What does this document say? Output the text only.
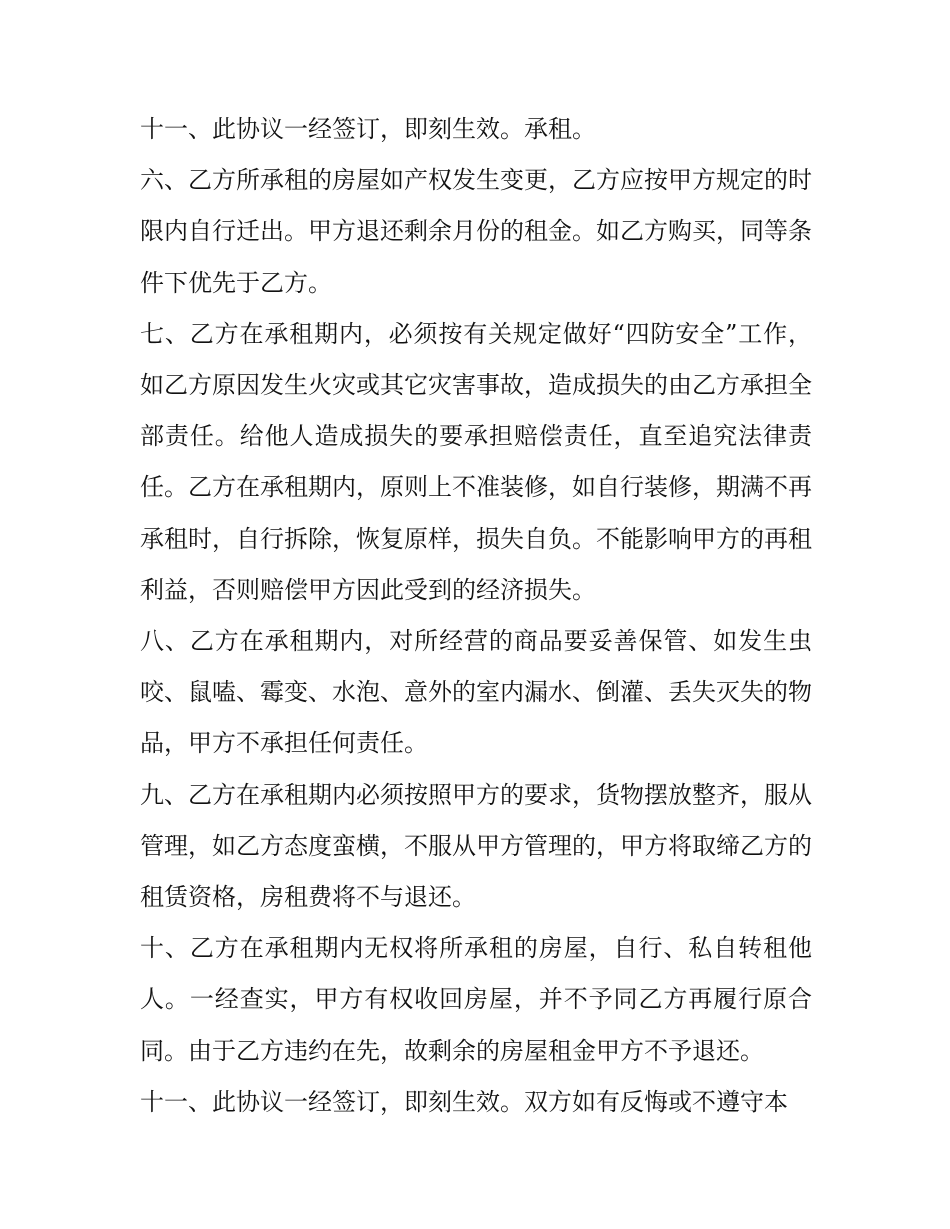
十一、此协议一经签订，即刻生效。承租。

六、乙方所承租的房屋如产权发生变更，乙方应按甲方规定的时限内自行迁出。甲方退还剩余月份的租金。如乙方购买，同等条件下优先于乙方。

七、乙方在承租期内，必须按有关规定做好“四防安全”工作，如乙方原因发生火灾或其它灾害事故，造成损失的由乙方承担全部责任。给他人造成损失的要承担赔偿责任，直至追究法律责任。乙方在承租期内，原则上不准装修，如自行装修，期满不再承租时，自行拆除，恢复原样，损失自负。不能影响甲方的再租利益，否则赔偿甲方因此受到的经济损失。

八、乙方在承租期内，对所经营的商品要妥善保管、如发生虫咬、鼠嗑、霉变、水泡、意外的室内漏水、倒灌、丢失灭失的物品，甲方不承担任何责任。

九、乙方在承租期内必须按照甲方的要求，货物摆放整齐，服从管理，如乙方态度蛮横，不服从甲方管理的，甲方将取缔乙方的租赁资格，房租费将不与退还。

十、乙方在承租期内无权将所承租的房屋，自行、私自转租他人。一经查实，甲方有权收回房屋，并不予同乙方再履行原合同。由于乙方违约在先，故剩余的房屋租金甲方不予退还。

十一、此协议一经签订，即刻生效。双方如有反悔或不遵守本
